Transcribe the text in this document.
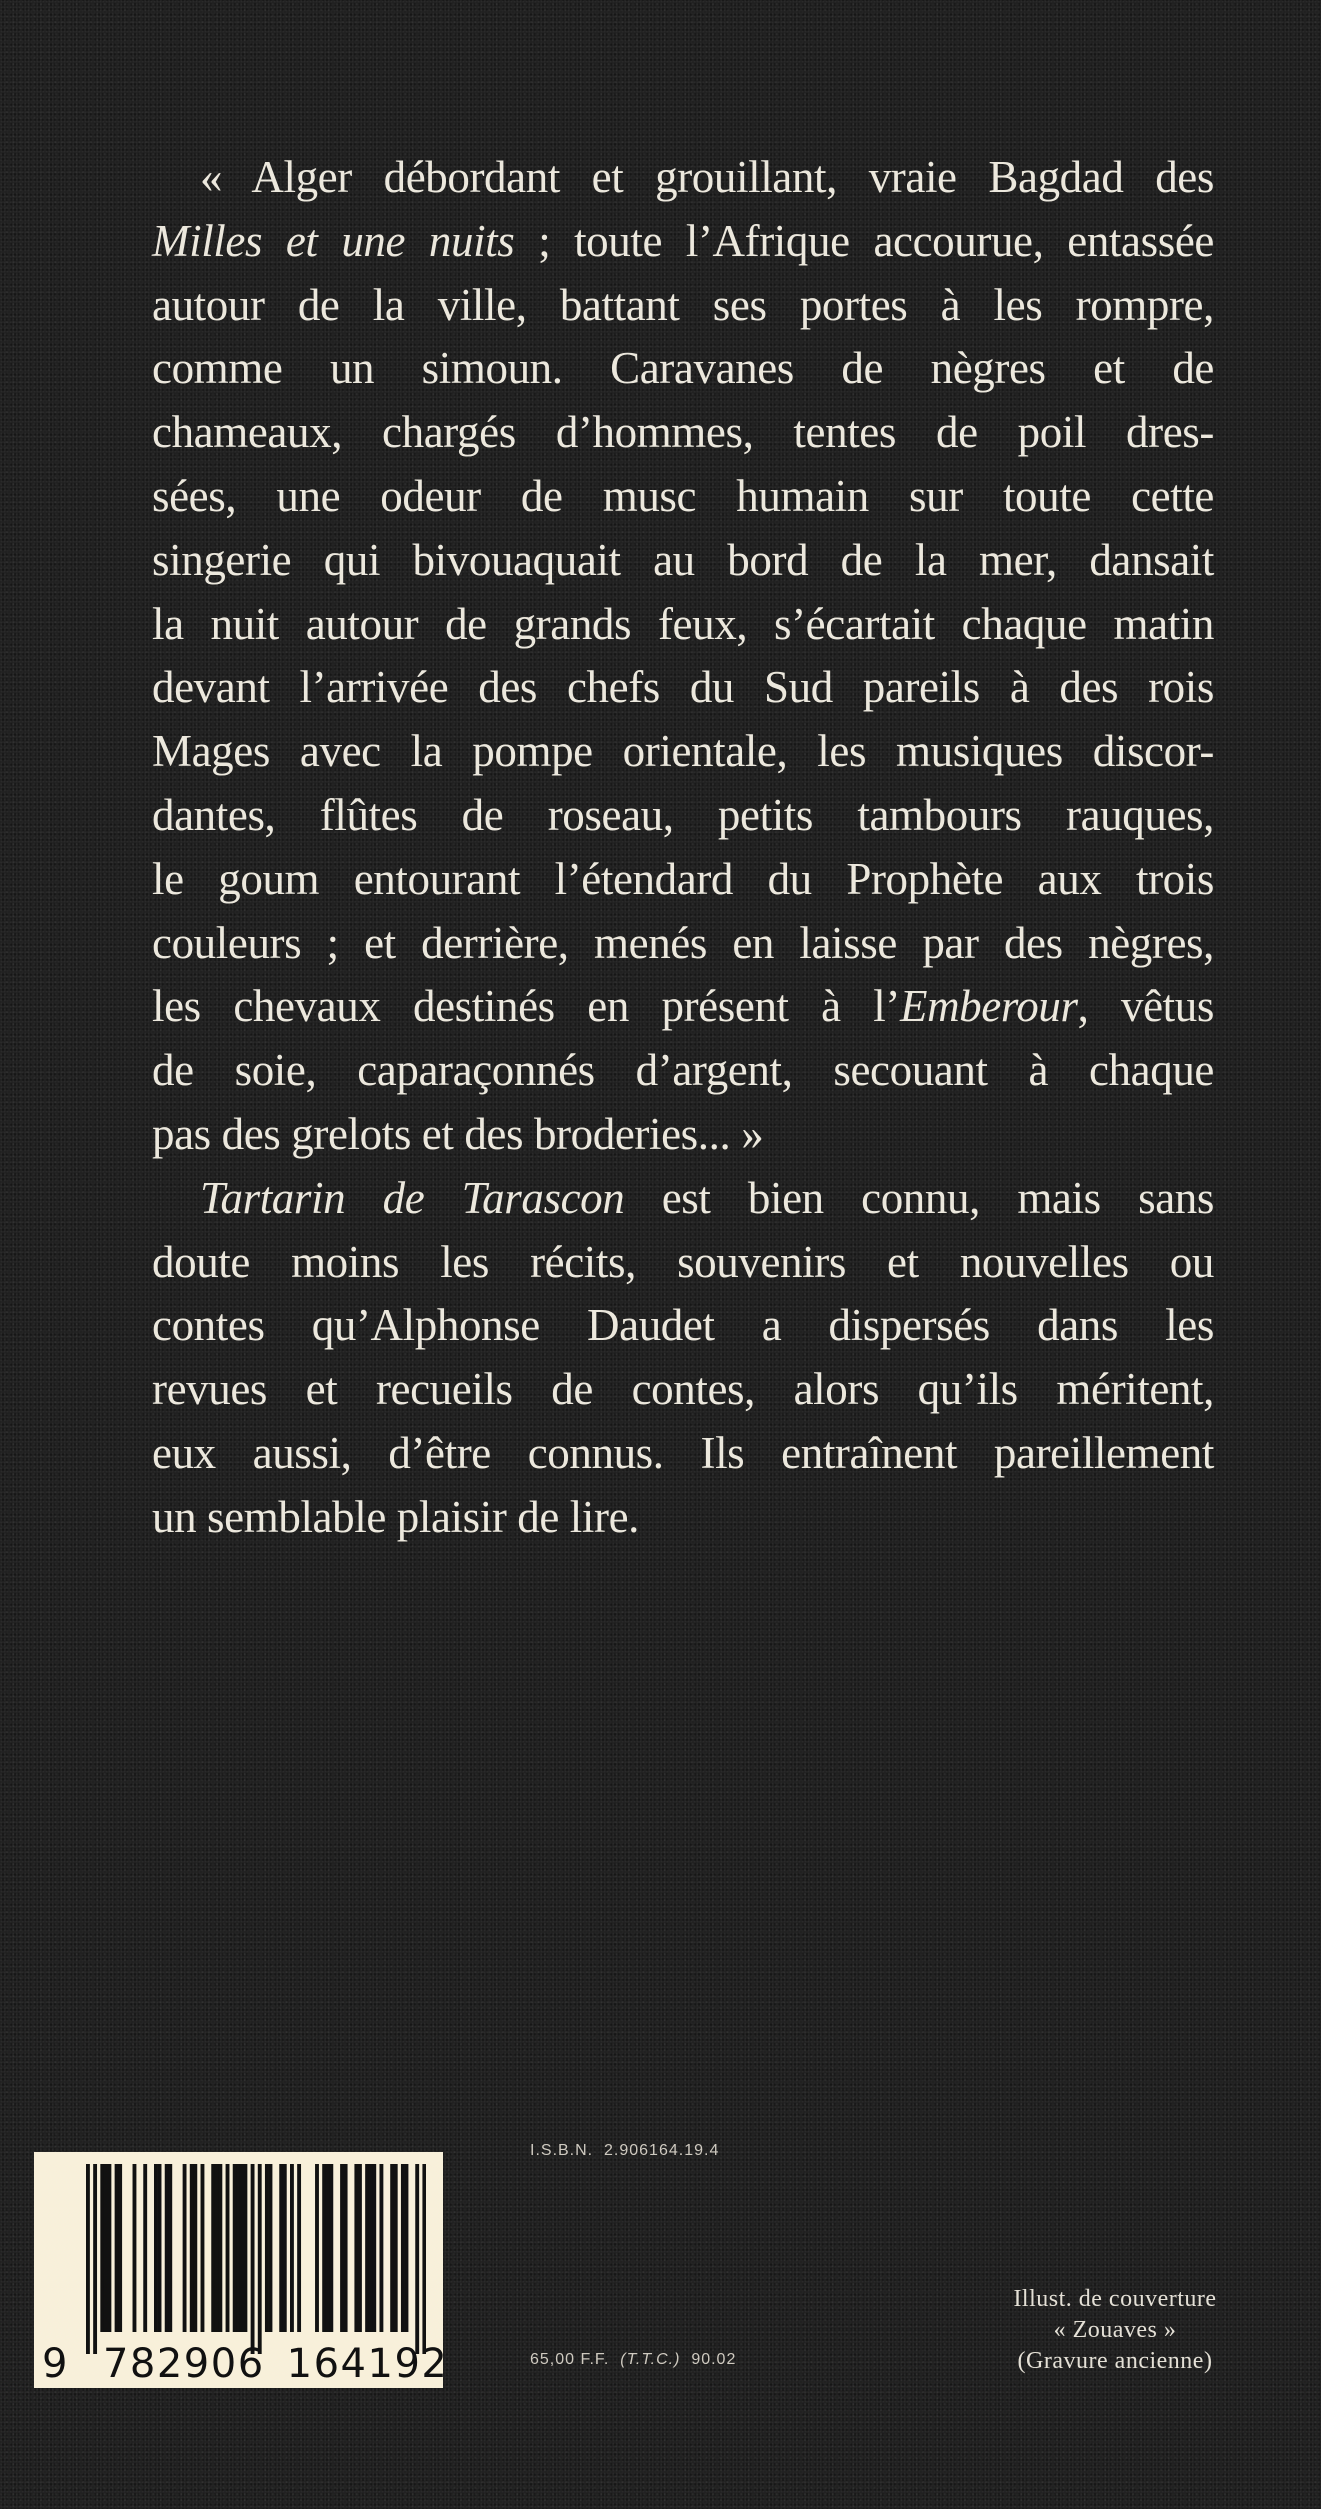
« Alger débordant et grouillant, vraie Bagdad des
Milles et une nuits ; toute l’Afrique accourue, entassée
autour de la ville, battant ses portes à les rompre,
comme un simoun. Caravanes de nègres et de
chameaux, chargés d’hommes, tentes de poil dres-
sées, une odeur de musc humain sur toute cette
singerie qui bivouaquait au bord de la mer, dansait
la nuit autour de grands feux, s’écartait chaque matin
devant l’arrivée des chefs du Sud pareils à des rois
Mages avec la pompe orientale, les musiques discor-
dantes, flûtes de roseau, petits tambours rauques,
le goum entourant l’étendard du Prophète aux trois
couleurs ; et derrière, menés en laisse par des nègres,
les chevaux destinés en présent à l’Emberour, vêtus
de soie, caparaçonnés d’argent, secouant à chaque
pas des grelots et des broderies... »
Tartarin de Tarascon est bien connu, mais sans
doute moins les récits, souvenirs et nouvelles ou
contes qu’Alphonse Daudet a dispersés dans les
revues et recueils de contes, alors qu’ils méritent,
eux aussi, d’être connus. Ils entraînent pareillement
un semblable plaisir de lire.
9 782906 164192
I.S.B.N. 2.906164.19.4
65,00 F.F. (T.T.C.) 90.02
Illust. de couverture
« Zouaves »
(Gravure ancienne)
